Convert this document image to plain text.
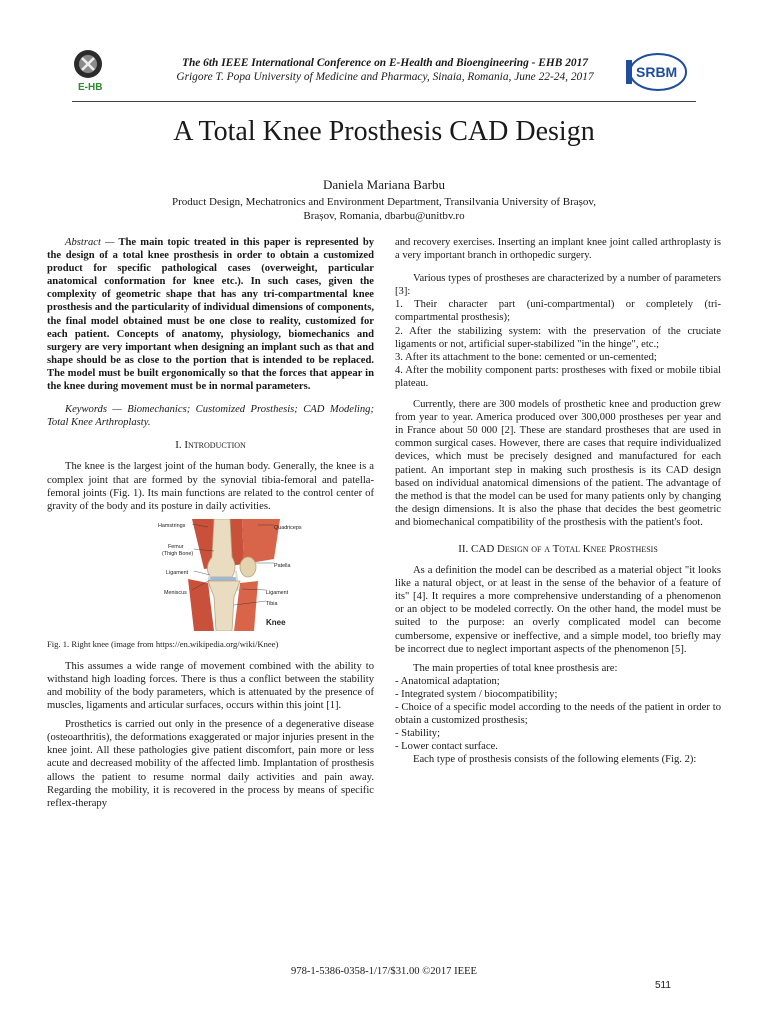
E-HB
The 6th IEEE International Conference on E-Health and Bioengineering - EHB 2017
Grigore T. Popa University of Medicine and Pharmacy, Sinaia, Romania, June 22-24, 2017	SRBM
A Total Knee Prosthesis CAD Design
Daniela Mariana Barbu
Product Design, Mechatronics and Environment Department, Transilvania University of Brașov,
Brașov, Romania, dbarbu@unitbv.ro

Abstract — The main topic treated in this paper is represented by the design of a total knee prosthesis in order to obtain a customized product for specific pathological cases (overweight, particular anatomical conformation for knee etc.). In such cases, given the complexity of geometric shape that has any tri-compartmental knee prosthesis and the particularity of individual dimensions of components, the final model obtained must be one close to reality, customized for each patient. Concepts of anatomy, physiology, biomechanics and surgery are very important when designing an implant such as that and shape should be as close to the portion that is intended to be replaced. The model must be built ergonomically so that the forces that appear in the knee during movement must be in normal parameters.

Keywords — Biomechanics; Customized Prosthesis; CAD Modeling; Total Knee Arthroplasty.

I. Introduction

The knee is the largest joint of the human body. Generally, the knee is a complex joint that are formed by the synovial tibia-femoral and patella-femoral joints (Fig. 1). Its main functions are related to the control center of gravity of the body and its posture in daily activities.

Hamstrings	Quadriceps
Femur
(Thigh Bone)
Patella
Ligament
Meniscus	Ligament
Tibia
Knee

Fig. 1. Right knee (image from https://en.wikipedia.org/wiki/Knee)

This assumes a wide range of movement combined with the ability to withstand high loading forces. There is thus a conflict between the stability and mobility of the body parameters, which is attenuated by the presence of muscles, ligaments and articular surfaces, occurs within this joint [1].

Prosthetics is carried out only in the presence of a degenerative disease (osteoarthritis), the deformations exaggerated or major injuries present in the knee joint. All these pathologies give patient discomfort, pain more or less acute and decreased mobility of the affected limb. Implantation of prosthesis allows the patient to resume normal daily activities and pain away. Regarding the mobility, it is recovered in the process by means of specific reflex-therapy

and recovery exercises. Inserting an implant knee joint called arthroplasty is a very important branch in orthopedic surgery.

Various types of prostheses are characterized by a number of parameters [3]:

1. Their character part (uni-compartmental) or completely (tri-compartmental prosthesis);

2. After the stabilizing system: with the preservation of the cruciate ligaments or not, artificial super-stabilized "in the hinge", etc.;

3. After its attachment to the bone: cemented or un-cemented;

4. After the mobility component parts: prostheses with fixed or mobile tibial plateau.

Currently, there are 300 models of prosthetic knee and production grew from year to year. America produced over 300,000 prostheses per year and in France about 50 000 [2]. These are standard prostheses that are used in common surgical cases. However, there are cases that require individualized devices, which must be precisely designed and manufactured for each patient. An important step in making such prosthesis is its CAD design based on individual anatomical dimensions of the patient. The advantage of the method is that the model can be used for many patients only by changing the design dimensions. It is also the phase that decides the best geometric and biomechanical compatibility of the prosthesis with the patient's foot.

II. CAD Design of a Total Knee Prosthesis

As a definition the model can be described as a material object "it looks like a natural object, or at least in the sense of the behavior of a feature of its" [4]. It requires a more comprehensive understanding of a phenomenon or an object to be modeled correctly. On the other hand, the model must be suited to the purpose: an overly complicated model can become cumbersome, expensive or ineffective, and a simple model, too briefly may be incorrect due to neglect important aspects of the phenomenon [5].

The main properties of total knee prosthesis are:

- Anatomical adaptation;

- Integrated system / biocompatibility;

- Choice of a specific model according to the needs of the patient in order to obtain a customized prosthesis;

- Stability;

- Lower contact surface.

Each type of prosthesis consists of the following elements (Fig. 2):

978-1-5386-0358-1/17/$31.00 ©2017 IEEE
511
